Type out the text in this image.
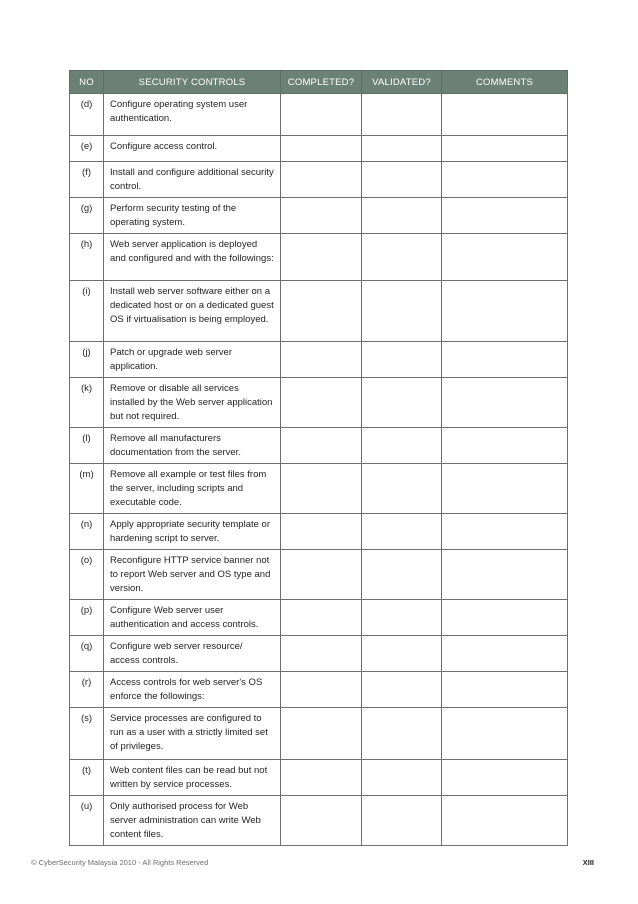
NO	SECURITY CONTROLS	COMPLETED?	VALIDATED?	COMMENTS
(d)	Configure operating system user authentication.			
(e)	Configure access control.			
(f)	Install and configure additional security control.			
(g)	Perform security testing of the operating system.			
(h)	Web server application is deployed and configured and with the followings:			
(i)	Install web server software either on a dedicated host or on a dedicated guest OS if virtualisation is being employed.			
(j)	Patch or upgrade web server application.			
(k)	Remove or disable all services installed by the Web server application but not required.			
(l)	Remove all manufacturers documentation from the server.			
(m)	Remove all example or test files from the server, including scripts and executable code.			
(n)	Apply appropriate security template or hardening script to server.			
(o)	Reconfigure HTTP service banner not to report Web server and OS type and version.			
(p)	Configure Web server user authentication and access controls.			
(q)	Configure web server resource/ access controls.			
(r)	Access controls for web server's OS enforce the followings:			
(s)	Service processes are configured to run as a user with a strictly limited set of privileges.			
(t)	Web content files can be read but not written by service processes.			
(u)	Only authorised process for Web server administration can write Web content files.			
© CyberSecurity Malaysia 2010 - All Rights Reserved	XIII
